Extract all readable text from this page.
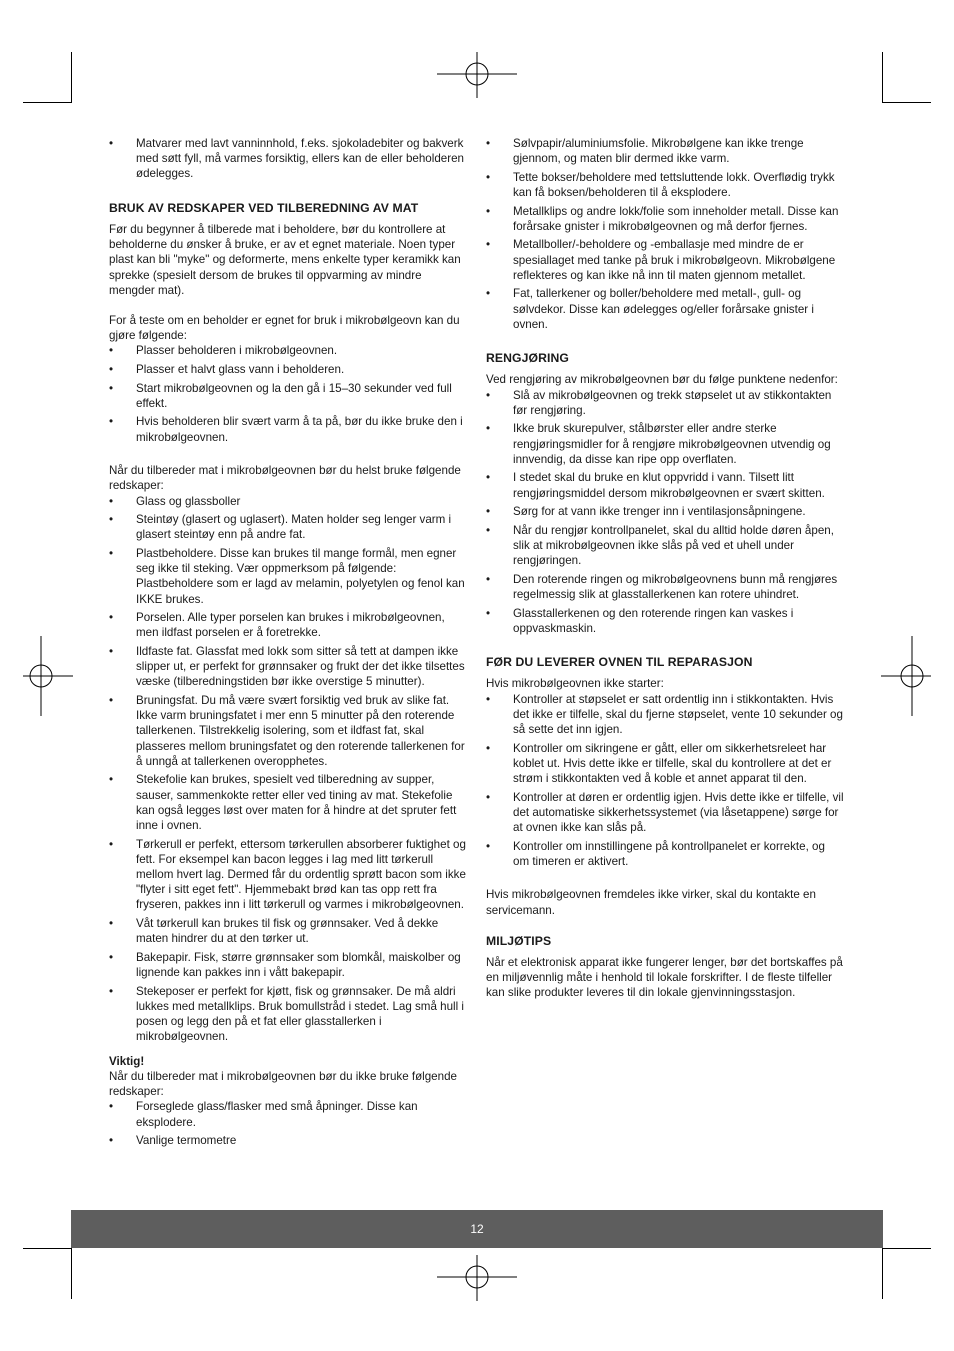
• Matvarer med lavt vanninnhold, f.eks. sjokoladebiter og bakverk med søtt fyll, må varmes forsiktig, ellers kan de eller beholderen ødelegges.
BRUK AV REDSKAPER VED TILBEREDNING AV MAT

Før du begynner å tilberede mat i beholdere, bør du kontrollere at beholderne du ønsker å bruke, er av et egnet materiale. Noen typer plast kan bli "myke" og deformerte, mens enkelte typer keramikk kan sprekke (spesielt dersom de brukes til oppvarming av mindre mengder mat).

For å teste om en beholder er egnet for bruk i mikrobølgeovn kan du gjøre følgende:

• Plasser beholderen i mikrobølgeovnen.
• Plasser et halvt glass vann i beholderen.
• Start mikrobølgeovnen og la den gå i 15–30 sekunder ved full effekt.
• Hvis beholderen blir svært varm å ta på, bør du ikke bruke den i mikrobølgeovnen.

Når du tilbereder mat i mikrobølgeovnen bør du helst bruke følgende redskaper:

• Glass og glassboller
• Steintøy (glasert og uglasert). Maten holder seg lenger varm i glasert steintøy enn på andre fat.
• Plastbeholdere. Disse kan brukes til mange formål, men egner seg ikke til steking. Vær oppmerksom på følgende: Plastbeholdere som er lagd av melamin, polyetylen og fenol kan IKKE brukes.
• Porselen. Alle typer porselen kan brukes i mikrobølgeovnen, men ildfast porselen er å foretrekke.
• Ildfaste fat. Glassfat med lokk som sitter så tett at dampen ikke slipper ut, er perfekt for grønnsaker og frukt der det ikke tilsettes væske (tilberedningstiden bør ikke overstige 5 minutter).
• Bruningsfat. Du må være svært forsiktig ved bruk av slike fat. Ikke varm bruningsfatet i mer enn 5 minutter på den roterende tallerkenen. Tilstrekkelig isolering, som et ildfast fat, skal plasseres mellom bruningsfatet og den roterende tallerkenen for å unngå at tallerkenen overopphetes.
• Stekefolie kan brukes, spesielt ved tilberedning av supper, sauser, sammenkokte retter eller ved tining av mat. Stekefolie kan også legges løst over maten for å hindre at det spruter fett inne i ovnen.
• Tørkerull er perfekt, ettersom tørkerullen absorberer fuktighet og fett. For eksempel kan bacon legges i lag med litt tørkerull mellom hvert lag. Dermed får du ordentlig sprøtt bacon som ikke "flyter i sitt eget fett". Hjemmebakt brød kan tas opp rett fra fryseren, pakkes inn i litt tørkerull og varmes i mikrobølgeovnen.
• Våt tørkerull kan brukes til fisk og grønnsaker. Ved å dekke maten hindrer du at den tørker ut.
• Bakepapir. Fisk, større grønnsaker som blomkål, maiskolber og lignende kan pakkes inn i vått bakepapir.
• Stekeposer er perfekt for kjøtt, fisk og grønnsaker. De må aldri lukkes med metallklips. Bruk bomullstråd i stedet. Lag små hull i posen og legg den på et fat eller glasstallerken i mikrobølgeovnen.

Viktig!

Når du tilbereder mat i mikrobølgeovnen bør du ikke bruke følgende redskaper:

• Forseglede glass/flasker med små åpninger. Disse kan eksplodere.
• Vanlige termometre
• Sølvpapir/aluminiumsfolie. Mikrobølgene kan ikke trenge gjennom, og maten blir dermed ikke varm.
• Tette bokser/beholdere med tettsluttende lokk. Overflødig trykk kan få boksen/beholderen til å eksplodere.
• Metallklips og andre lokk/folie som inneholder metall. Disse kan forårsake gnister i mikrobølgeovnen og må derfor fjernes.
• Metallboller/-beholdere og -emballasje med mindre de er spesiallaget med tanke på bruk i mikrobølgeovn. Mikrobølgene reflekteres og kan ikke nå inn til maten gjennom metallet.
• Fat, tallerkener og boller/beholdere med metall-, gull- og sølvdekor. Disse kan ødelegges og/eller forårsake gnister i ovnen.
RENGJØRING

Ved rengjøring av mikrobølgeovnen bør du følge punktene nedenfor:

• Slå av mikrobølgeovnen og trekk støpselet ut av stikkontakten før rengjøring.
• Ikke bruk skurepulver, stålbørster eller andre sterke rengjøringsmidler for å rengjøre mikrobølgeovnen utvendig og innvendig, da disse kan ripe opp overflaten.
• I stedet skal du bruke en klut oppvridd i vann. Tilsett litt rengjøringsmiddel dersom mikrobølgeovnen er svært skitten.
• Sørg for at vann ikke trenger inn i ventilasjonsåpningene.
• Når du rengjør kontrollpanelet, skal du alltid holde døren åpen, slik at mikrobølgeovnen ikke slås på ved et uhell under rengjøringen.
• Den roterende ringen og mikrobølgeovnens bunn må rengjøres regelmessig slik at glasstallerkenen kan rotere uhindret.
• Glasstallerkenen og den roterende ringen kan vaskes i oppvaskmaskin.
FØR DU LEVERER OVNEN TIL REPARASJON

Hvis mikrobølgeovnen ikke starter:

• Kontroller at støpselet er satt ordentlig inn i stikkontakten. Hvis det ikke er tilfelle, skal du fjerne støpselet, vente 10 sekunder og så sette det inn igjen.
• Kontroller om sikringene er gått, eller om sikkerhetsreleet har koblet ut. Hvis dette ikke er tilfelle, skal du kontrollere at det er strøm i stikkontakten ved å koble et annet apparat til den.
• Kontroller at døren er ordentlig igjen. Hvis dette ikke er tilfelle, vil det automatiske sikkerhetssystemet (via låsetappene) sørge for at ovnen ikke kan slås på.
• Kontroller om innstillingene på kontrollpanelet er korrekte, og om timeren er aktivert.

Hvis mikrobølgeovnen fremdeles ikke virker, skal du kontakte en servicemann.

MILJØTIPS

Når et elektronisk apparat ikke fungerer lenger, bør det bortskaffes på en miljøvennlig måte i henhold til lokale forskrifter. I de fleste tilfeller kan slike produkter leveres til din lokale gjenvinningsstasjon.

12
